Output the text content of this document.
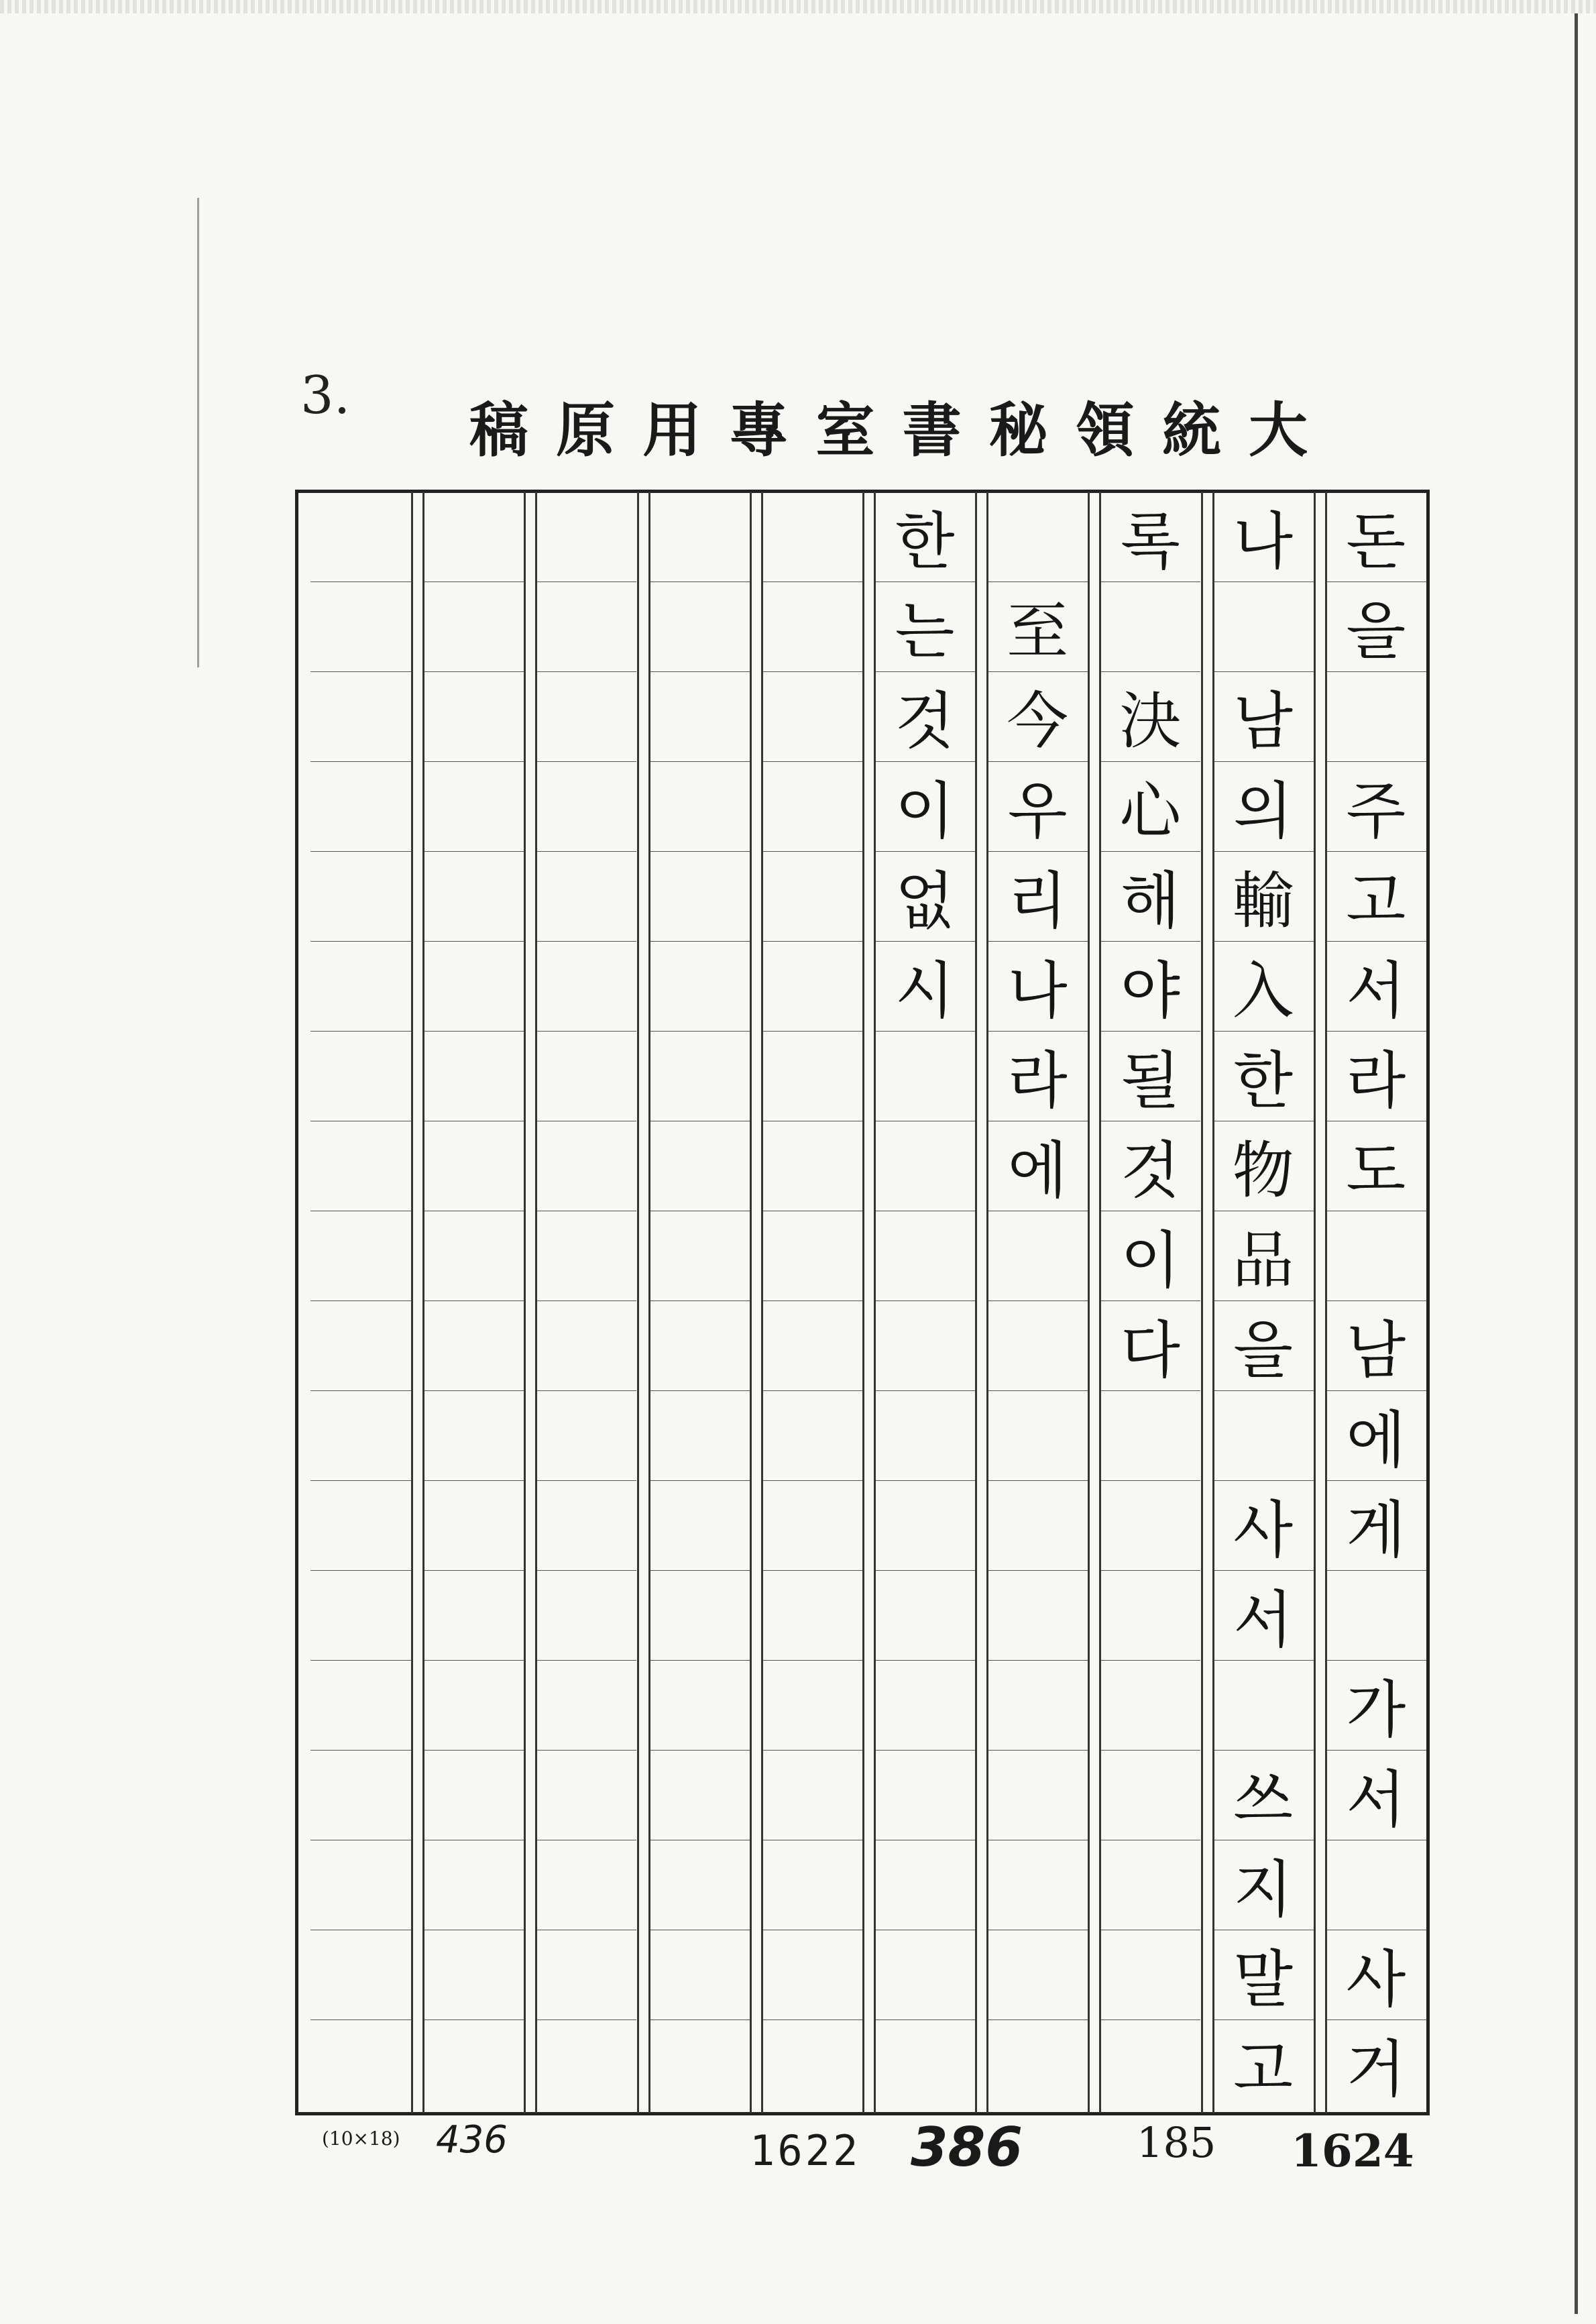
3. 稿 原 用 專 室 書 秘 領 統 大
돈
을
주
고
서
라
도
남
에
게
가
서
사
거
나
남
의
輸
入
한
物
品
을
사
서
쓰
지
말
고
록
決
心
해
야
될
것
이
다
至
今
우
리
나
라
에
한
는
것
이
없
시
(10×18) 436	1622 386	185 1624
